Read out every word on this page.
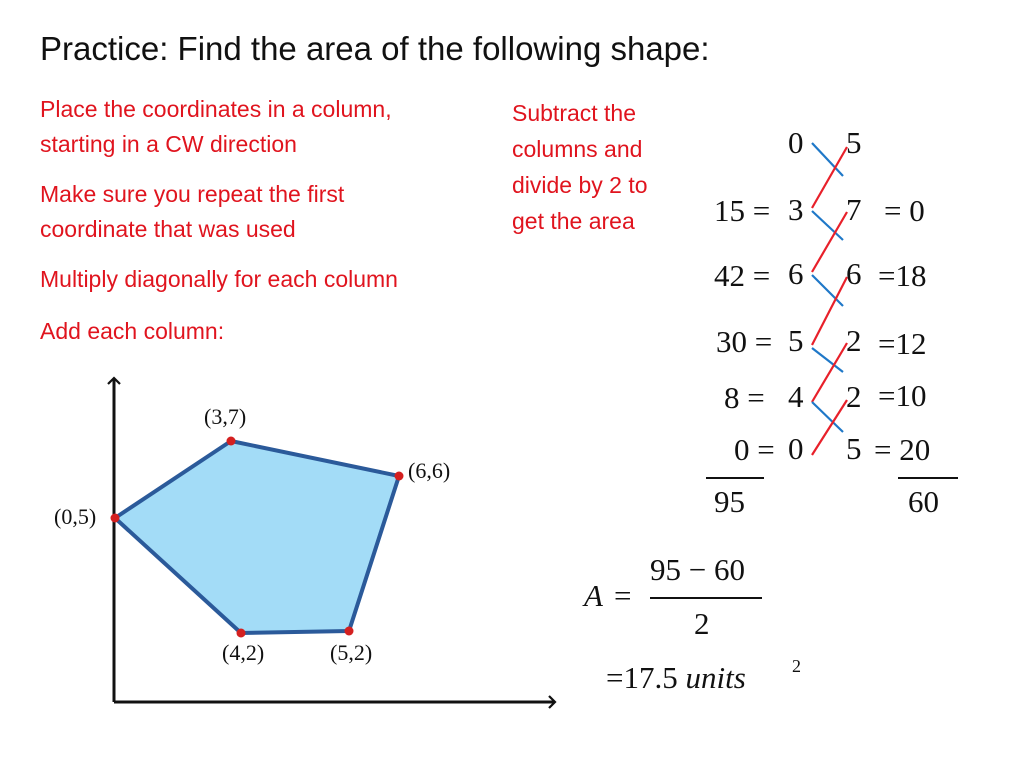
Practice: Find the area of the following shape:
Place the coordinates in a column,
starting in a CW direction
Make sure you repeat the first
coordinate that was used
Multiply diagonally for each column
Add each column:
Subtract the
columns and
divide by 2 to
get the area
(3,7)
(6,6)
(5,2)
(4,2)
(0,5)
0
3
6
5
4
0
5
7
6
2
2
5
15 =
42 =
30 =
8 =
0 =
= 0
=18
=12
=10
= 20
95	60
A =
95 − 60
2
=17.5 units	2
